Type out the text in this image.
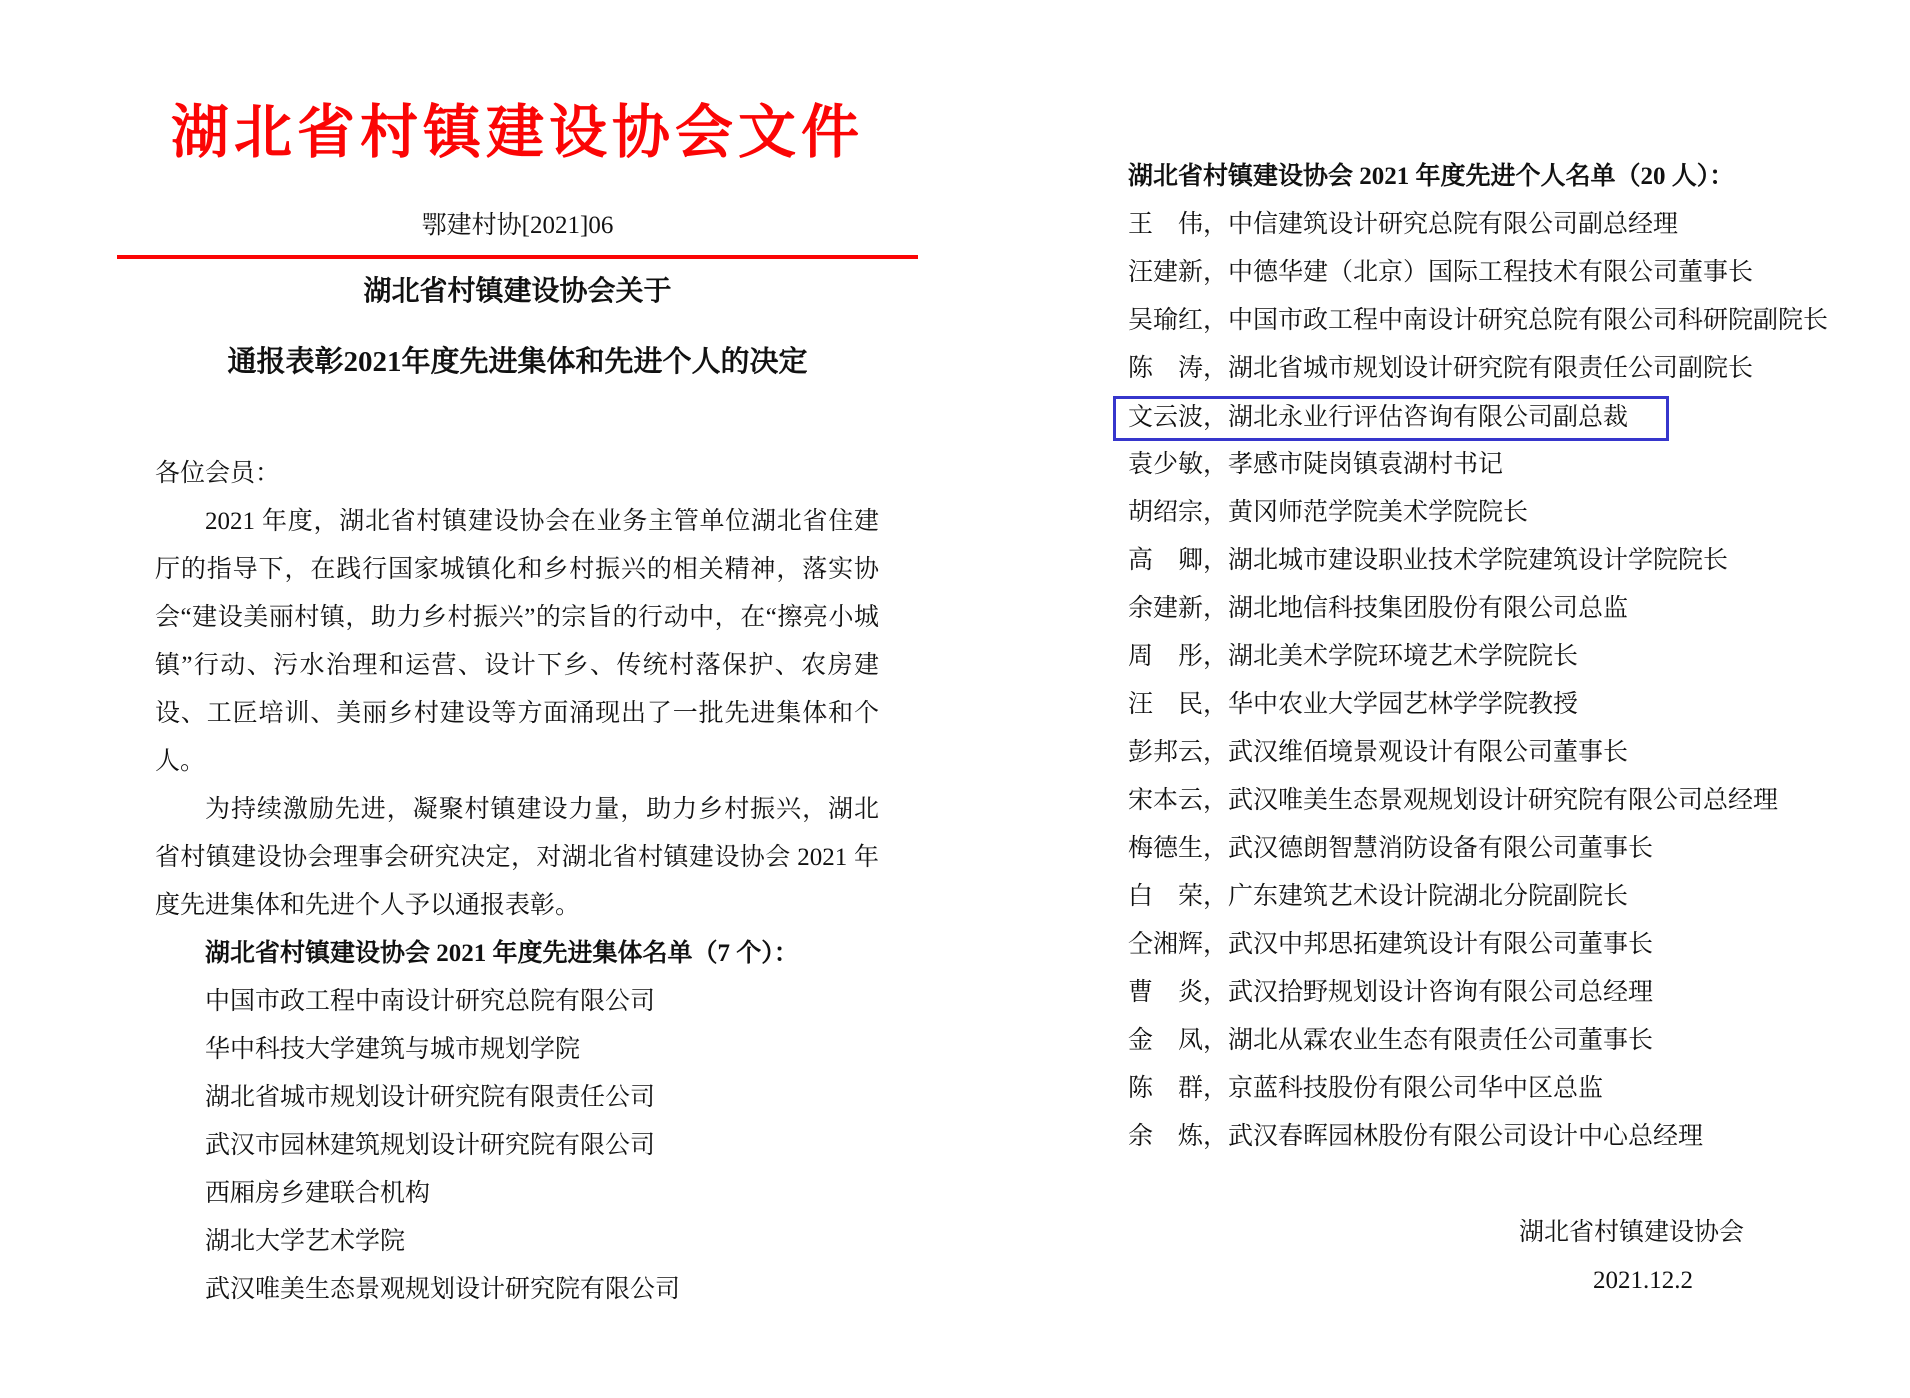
湖北省村镇建设协会文件
鄂建村协[2021]06
湖北省村镇建设协会关于
通报表彰2021年度先进集体和先进个人的决定
各位会员：

2021 年度，湖北省村镇建设协会在业务主管单位湖北省住建厅的指导下，在践行国家城镇化和乡村振兴的相关精神，落实协会“建设美丽村镇，助力乡村振兴”的宗旨的行动中，在“擦亮小城镇”行动、污水治理和运营、设计下乡、传统村落保护、农房建设、工匠培训、美丽乡村建设等方面涌现出了一批先进集体和个人。

为持续激励先进，凝聚村镇建设力量，助力乡村振兴，湖北省村镇建设协会理事会研究决定，对湖北省村镇建设协会 2021 年度先进集体和先进个人予以通报表彰。

湖北省村镇建设协会 2021 年度先进集体名单（7 个）：
中国市政工程中南设计研究总院有限公司
华中科技大学建筑与城市规划学院
湖北省城市规划设计研究院有限责任公司
武汉市园林建筑规划设计研究院有限公司
西厢房乡建联合机构
湖北大学艺术学院
武汉唯美生态景观规划设计研究院有限公司
湖北省村镇建设协会 2021 年度先进个人名单（20 人）：
王　伟，中信建筑设计研究总院有限公司副总经理
汪建新，中德华建（北京）国际工程技术有限公司董事长
吴瑜红，中国市政工程中南设计研究总院有限公司科研院副院长
陈　涛，湖北省城市规划设计研究院有限责任公司副院长
文云波，湖北永业行评估咨询有限公司副总裁
袁少敏，孝感市陡岗镇袁湖村书记
胡绍宗，黄冈师范学院美术学院院长
高　卿，湖北城市建设职业技术学院建筑设计学院院长
余建新，湖北地信科技集团股份有限公司总监
周　彤，湖北美术学院环境艺术学院院长
汪　民，华中农业大学园艺林学学院教授
彭邦云，武汉维佰境景观设计有限公司董事长
宋本云，武汉唯美生态景观规划设计研究院有限公司总经理
梅德生，武汉德朗智慧消防设备有限公司董事长
白　荣，广东建筑艺术设计院湖北分院副院长
仝湘辉，武汉中邦思拓建筑设计有限公司董事长
曹　炎，武汉拾野规划设计咨询有限公司总经理
金　凤，湖北从霖农业生态有限责任公司董事长
陈　群，京蓝科技股份有限公司华中区总监
余　炼，武汉春晖园林股份有限公司设计中心总经理
湖北省村镇建设协会
2021.12.2
